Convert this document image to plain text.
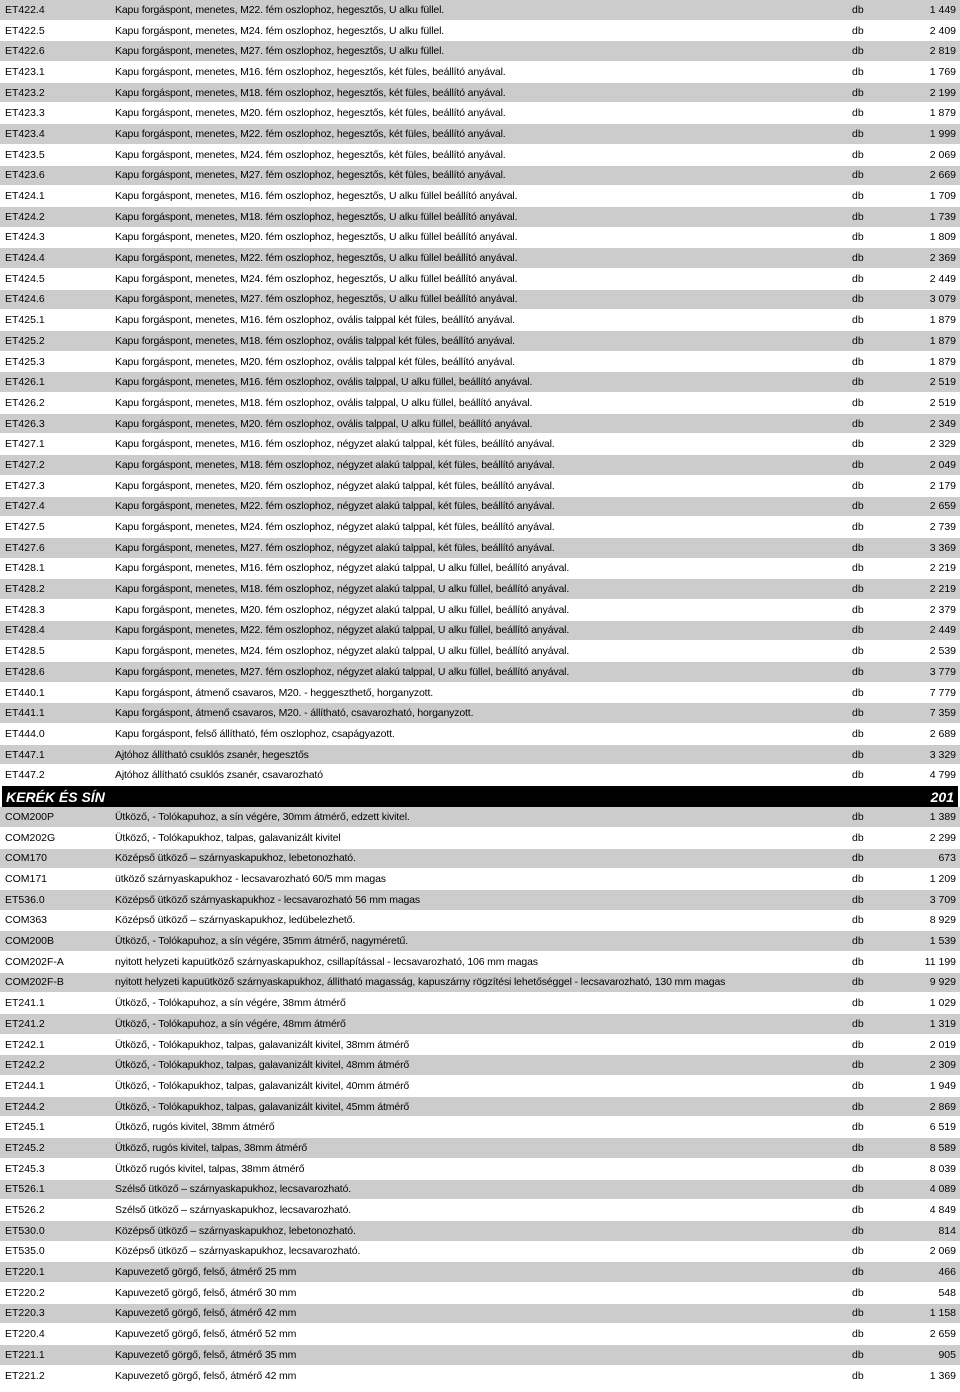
ET422.4	Kapu forgáspont, menetes, M22. fém oszlophoz, hegesztős, U alku füllel.	db	1 449
ET422.5	Kapu forgáspont, menetes, M24. fém oszlophoz, hegesztős, U alku füllel.	db	2 409
ET422.6	Kapu forgáspont, menetes, M27. fém oszlophoz, hegesztős, U alku füllel.	db	2 819
ET423.1	Kapu forgáspont, menetes, M16. fém oszlophoz, hegesztős, két füles, beállító anyával.	db	1 769
ET423.2	Kapu forgáspont, menetes, M18. fém oszlophoz, hegesztős, két füles, beállító anyával.	db	2 199
ET423.3	Kapu forgáspont, menetes, M20. fém oszlophoz, hegesztős, két füles, beállító anyával.	db	1 879
ET423.4	Kapu forgáspont, menetes, M22. fém oszlophoz, hegesztős, két füles, beállító anyával.	db	1 999
ET423.5	Kapu forgáspont, menetes, M24. fém oszlophoz, hegesztős, két füles, beállító anyával.	db	2 069
ET423.6	Kapu forgáspont, menetes, M27. fém oszlophoz, hegesztős, két füles, beállító anyával.	db	2 669
ET424.1	Kapu forgáspont, menetes, M16. fém oszlophoz, hegesztős, U alku füllel beállító anyával.	db	1 709
ET424.2	Kapu forgáspont, menetes, M18. fém oszlophoz, hegesztős, U alku füllel beállító anyával.	db	1 739
ET424.3	Kapu forgáspont, menetes, M20. fém oszlophoz, hegesztős, U alku füllel beállító anyával.	db	1 809
ET424.4	Kapu forgáspont, menetes, M22. fém oszlophoz, hegesztős, U alku füllel beállító anyával.	db	2 369
ET424.5	Kapu forgáspont, menetes, M24. fém oszlophoz, hegesztős, U alku füllel beállító anyával.	db	2 449
ET424.6	Kapu forgáspont, menetes, M27. fém oszlophoz, hegesztős, U alku füllel beállító anyával.	db	3 079
ET425.1	Kapu forgáspont, menetes, M16. fém oszlophoz, ovális talppal két füles, beállító anyával.	db	1 879
ET425.2	Kapu forgáspont, menetes, M18. fém oszlophoz, ovális talppal két füles, beállító anyával.	db	1 879
ET425.3	Kapu forgáspont, menetes, M20. fém oszlophoz, ovális talppal két füles, beállító anyával.	db	1 879
ET426.1	Kapu forgáspont, menetes, M16. fém oszlophoz, ovális talppal, U alku füllel, beállító anyával.	db	2 519
ET426.2	Kapu forgáspont, menetes, M18. fém oszlophoz, ovális talppal, U alku füllel, beállító anyával.	db	2 519
ET426.3	Kapu forgáspont, menetes, M20. fém oszlophoz, ovális talppal, U alku füllel, beállító anyával.	db	2 349
ET427.1	Kapu forgáspont, menetes, M16. fém oszlophoz, négyzet alakú talppal, két füles, beállító anyával.	db	2 329
ET427.2	Kapu forgáspont, menetes, M18. fém oszlophoz, négyzet alakú talppal, két füles, beállító anyával.	db	2 049
ET427.3	Kapu forgáspont, menetes, M20. fém oszlophoz, négyzet alakú talppal, két füles, beállító anyával.	db	2 179
ET427.4	Kapu forgáspont, menetes, M22. fém oszlophoz, négyzet alakú talppal, két füles, beállító anyával.	db	2 659
ET427.5	Kapu forgáspont, menetes, M24. fém oszlophoz, négyzet alakú talppal, két füles, beállító anyával.	db	2 739
ET427.6	Kapu forgáspont, menetes, M27. fém oszlophoz, négyzet alakú talppal, két füles, beállító anyával.	db	3 369
ET428.1	Kapu forgáspont, menetes, M16. fém oszlophoz, négyzet alakú talppal, U alku füllel, beállító anyával.	db	2 219
ET428.2	Kapu forgáspont, menetes, M18. fém oszlophoz, négyzet alakú talppal, U alku füllel, beállító anyával.	db	2 219
ET428.3	Kapu forgáspont, menetes, M20. fém oszlophoz, négyzet alakú talppal, U alku füllel, beállító anyával.	db	2 379
ET428.4	Kapu forgáspont, menetes, M22. fém oszlophoz, négyzet alakú talppal, U alku füllel, beállító anyával.	db	2 449
ET428.5	Kapu forgáspont, menetes, M24. fém oszlophoz, négyzet alakú talppal, U alku füllel, beállító anyával.	db	2 539
ET428.6	Kapu forgáspont, menetes, M27. fém oszlophoz, négyzet alakú talppal, U alku füllel, beállító anyával.	db	3 779
ET440.1	Kapu forgáspont, átmenő csavaros, M20. - heggeszthető, horganyzott.	db	7 779
ET441.1	Kapu forgáspont, átmenő csavaros, M20. - állítható, csavarozható, horganyzott.	db	7 359
ET444.0	Kapu forgáspont, felső állítható, fém oszlophoz, csapágyazott.	db	2 689
ET447.1	Ajtóhoz állítható csuklós zsanér, hegesztős	db	3 329
ET447.2	Ajtóhoz állítható csuklós zsanér, csavarozható	db	4 799
KERÉK ÉS SÍN	201
COM200P	Ütköző, - Tolókapuhoz, a sín végére, 30mm átmérő, edzett kivitel.	db	1 389
COM202G	Ütköző, - Tolókapukhoz, talpas, galavanizált kivitel	db	2 299
COM170	Középső ütköző – szárnyaskapukhoz, lebetonozható.	db	673
COM171	ütköző szárnyaskapukhoz - lecsavarozható 60/5 mm magas	db	1 209
ET536.0	Középső ütköző szárnyaskapukhoz - lecsavarozható 56 mm magas	db	3 709
COM363	Középső ütköző – szárnyaskapukhoz, ledübelezhető.	db	8 929
COM200B	Ütköző, - Tolókapuhoz, a sín végére, 35mm átmérő, nagyméretű.	db	1 539
COM202F-A	nyitott helyzeti kapuütköző szárnyaskapukhoz, csillapítással - lecsavarozható, 106 mm magas	db	11 199
COM202F-B	nyitott helyzeti kapuütköző szárnyaskapukhoz, állítható magasság, kapuszárny rögzítési lehetőséggel - lecsavarozható, 130 mm magas	db	9 929
ET241.1	Ütköző, - Tolókapuhoz, a sín végére, 38mm átmérő	db	1 029
ET241.2	Ütköző, - Tolókapuhoz, a sín végére, 48mm átmérő	db	1 319
ET242.1	Ütköző, - Tolókapukhoz, talpas, galavanizált kivitel, 38mm átmérő	db	2 019
ET242.2	Ütköző, - Tolókapukhoz, talpas, galavanizált kivitel, 48mm átmérő	db	2 309
ET244.1	Ütköző, - Tolókapukhoz, talpas, galavanizált kivitel, 40mm átmérő	db	1 949
ET244.2	Ütköző, - Tolókapukhoz, talpas, galavanizált kivitel, 45mm átmérő	db	2 869
ET245.1	Ütköző, rugós kivitel, 38mm átmérő	db	6 519
ET245.2	Ütköző, rugós kivitel, talpas, 38mm átmérő	db	8 589
ET245.3	Ütköző rugós kivitel, talpas, 38mm átmérő	db	8 039
ET526.1	Szélső ütköző – szárnyaskapukhoz, lecsavarozható.	db	4 089
ET526.2	Szélső ütköző – szárnyaskapukhoz, lecsavarozható.	db	4 849
ET530.0	Középső ütköző – szárnyaskapukhoz, lebetonozható.	db	814
ET535.0	Középső ütköző – szárnyaskapukhoz, lecsavarozható.	db	2 069
ET220.1	Kapuvezető görgő, felső, átmérő 25 mm	db	466
ET220.2	Kapuvezető görgő, felső, átmérő 30 mm	db	548
ET220.3	Kapuvezető görgő, felső, átmérő 42 mm	db	1 158
ET220.4	Kapuvezető görgő, felső, átmérő 52 mm	db	2 659
ET221.1	Kapuvezető görgő, felső, átmérő 35 mm	db	905
ET221.2	Kapuvezető görgő, felső, átmérő 42 mm	db	1 369
